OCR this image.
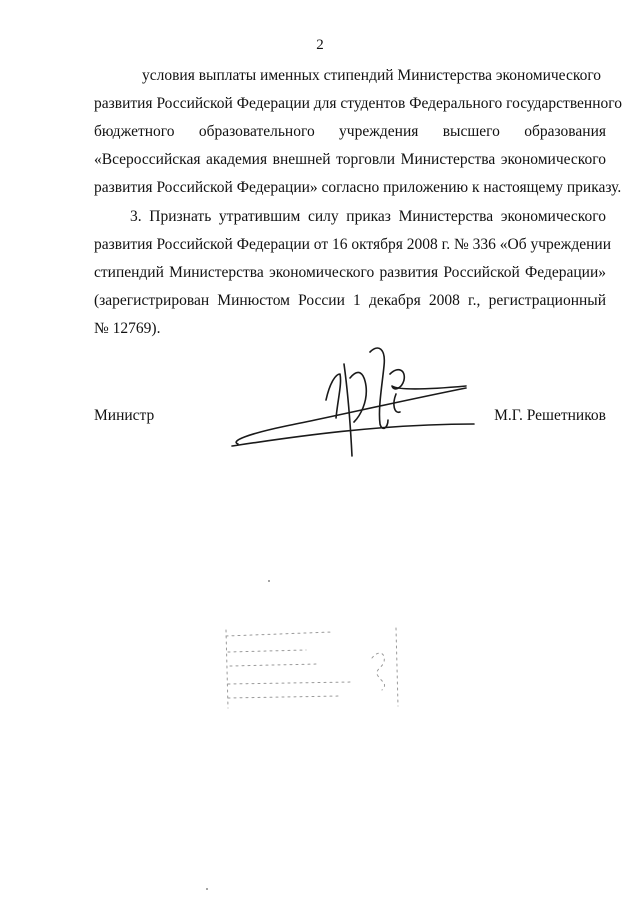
2
условия выплаты именных стипендий Министерства экономического
развития Российской Федерации для студентов Федерального государственного
бюджетного образовательного учреждения высшего образования
«Всероссийская академия внешней торговли Министерства экономического
развития Российской Федерации» согласно приложению к настоящему приказу.
3. Признать утратившим силу приказ Министерства экономического
развития Российской Федерации от 16 октября 2008 г. № 336 «Об учреждении
стипендий Министерства экономического развития Российской Федерации»
(зарегистрирован Минюстом России 1 декабря 2008 г., регистрационный
№ 12769).
Министр	М.Г. Решетников
